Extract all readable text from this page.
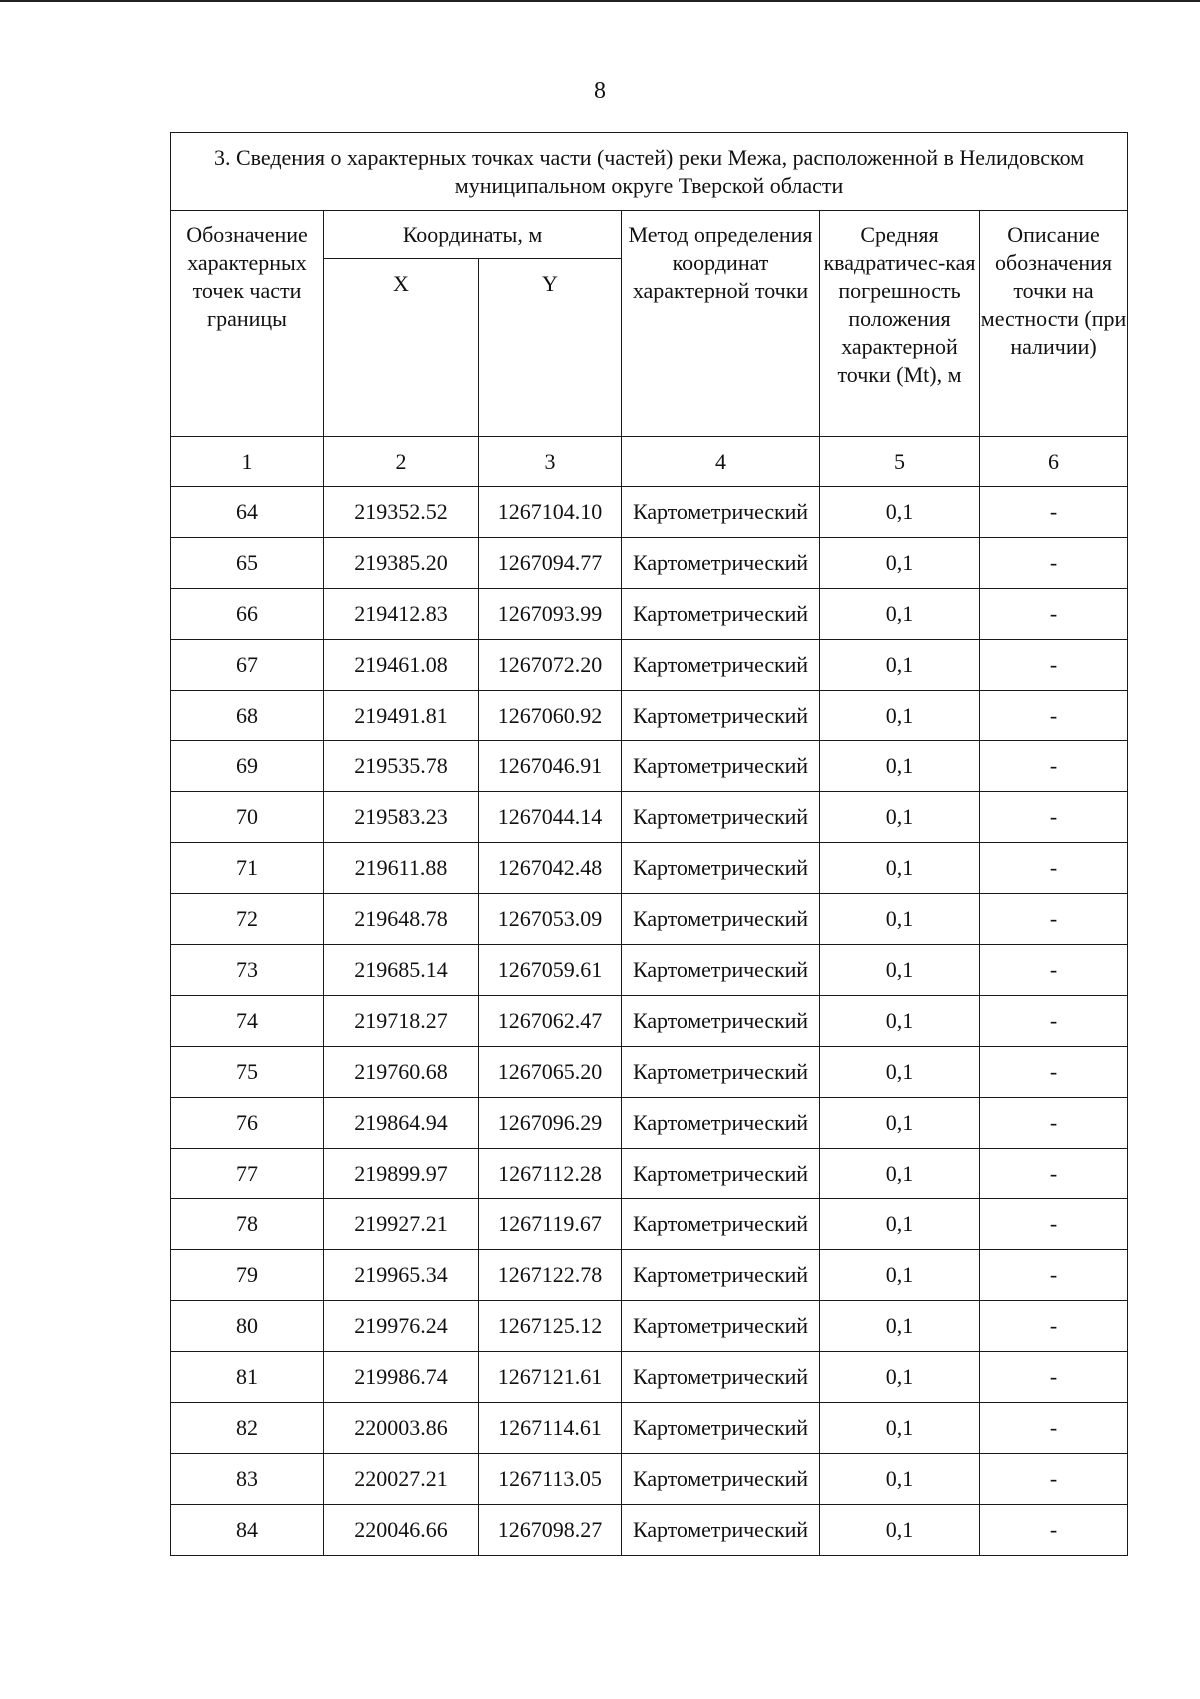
8
3. Сведения о характерных точках части (частей) реки Межа, расположенной в Нелидовском муниципальном округе Тверской области					
Обозначение характерных точек части границы	Координаты, м		Метод определения координат характерной точки	Средняя квадратичес-кая погрешность положения характерной точки (Mt), м	Описание обозначения точки на местности (при наличии)
	X	Y			
1	2	3	4	5	6
64	219352.52	1267104.10	Картометрический	0,1	-
65	219385.20	1267094.77	Картометрический	0,1	-
66	219412.83	1267093.99	Картометрический	0,1	-
67	219461.08	1267072.20	Картометрический	0,1	-
68	219491.81	1267060.92	Картометрический	0,1	-
69	219535.78	1267046.91	Картометрический	0,1	-
70	219583.23	1267044.14	Картометрический	0,1	-
71	219611.88	1267042.48	Картометрический	0,1	-
72	219648.78	1267053.09	Картометрический	0,1	-
73	219685.14	1267059.61	Картометрический	0,1	-
74	219718.27	1267062.47	Картометрический	0,1	-
75	219760.68	1267065.20	Картометрический	0,1	-
76	219864.94	1267096.29	Картометрический	0,1	-
77	219899.97	1267112.28	Картометрический	0,1	-
78	219927.21	1267119.67	Картометрический	0,1	-
79	219965.34	1267122.78	Картометрический	0,1	-
80	219976.24	1267125.12	Картометрический	0,1	-
81	219986.74	1267121.61	Картометрический	0,1	-
82	220003.86	1267114.61	Картометрический	0,1	-
83	220027.21	1267113.05	Картометрический	0,1	-
84	220046.66	1267098.27	Картометрический	0,1	-
